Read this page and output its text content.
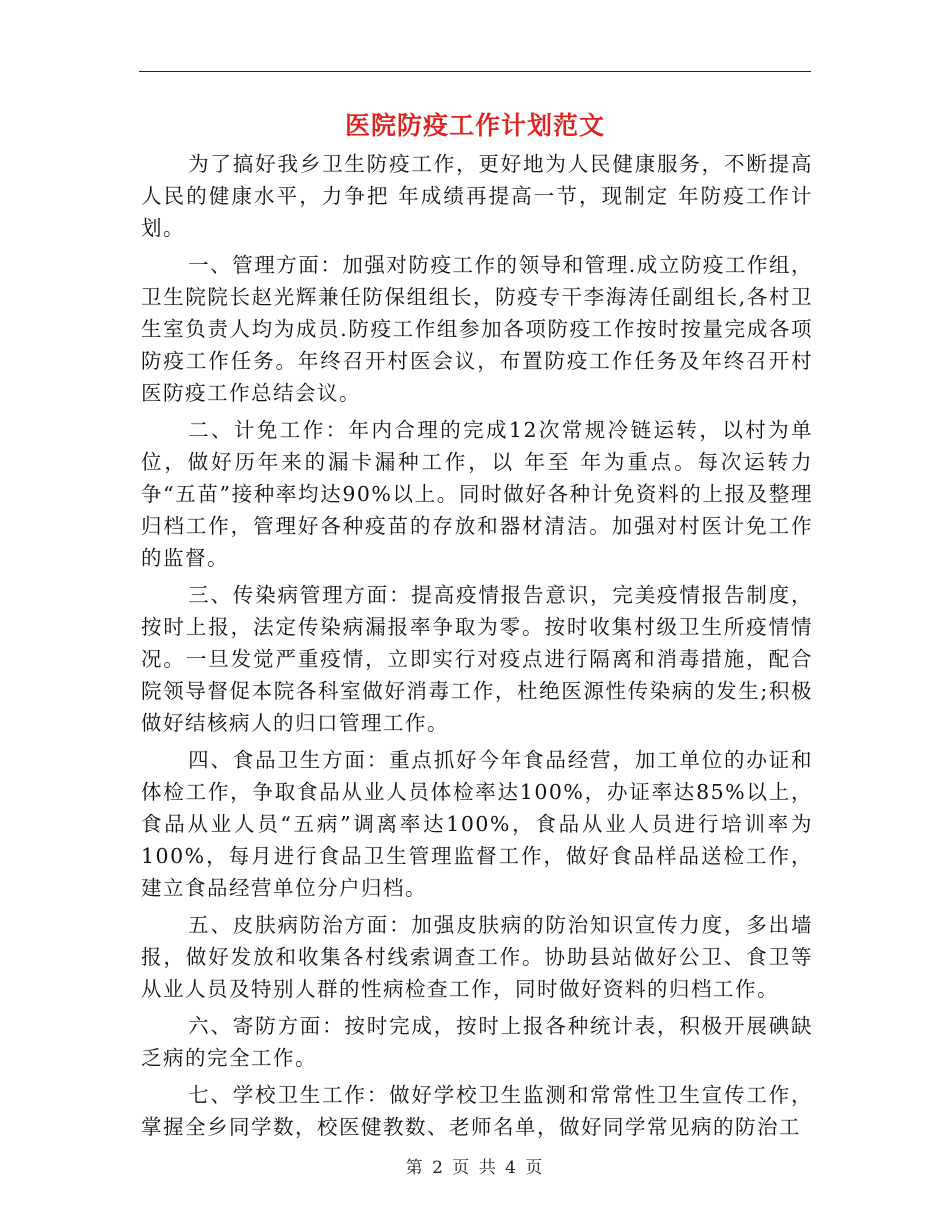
医院防疫工作计划范文

为了搞好我乡卫生防疫工作，更好地为人民健康服务，不断提高人民的健康水平，力争把 年成绩再提高一节，现制定 年防疫工作计划。

一、管理方面：加强对防疫工作的领导和管理.成立防疫工作组，卫生院院长赵光辉兼任防保组组长，防疫专干李海涛任副组长,各村卫生室负责人均为成员.防疫工作组参加各项防疫工作按时按量完成各项防疫工作任务。年终召开村医会议，布置防疫工作任务及年终召开村医防疫工作总结会议。

二、计免工作：年内合理的完成12次常规冷链运转，以村为单位，做好历年来的漏卡漏种工作，以 年至 年为重点。每次运转力争“五苗”接种率均达90%以上。同时做好各种计免资料的上报及整理归档工作，管理好各种疫苗的存放和器材清洁。加强对村医计免工作的监督。

三、传染病管理方面：提高疫情报告意识，完美疫情报告制度，按时上报，法定传染病漏报率争取为零。按时收集村级卫生所疫情情况。一旦发觉严重疫情，立即实行对疫点进行隔离和消毒措施，配合院领导督促本院各科室做好消毒工作，杜绝医源性传染病的发生;积极做好结核病人的归口管理工作。

四、食品卫生方面：重点抓好今年食品经营，加工单位的办证和体检工作，争取食品从业人员体检率达100%，办证率达85%以上，食品从业人员“五病”调离率达100%，食品从业人员进行培训率为100%，每月进行食品卫生管理监督工作，做好食品样品送检工作，建立食品经营单位分户归档。

五、皮肤病防治方面：加强皮肤病的防治知识宣传力度，多出墙报，做好发放和收集各村线索调查工作。协助县站做好公卫、食卫等从业人员及特别人群的性病检查工作，同时做好资料的归档工作。

六、寄防方面：按时完成，按时上报各种统计表，积极开展碘缺乏病的完全工作。

七、学校卫生工作：做好学校卫生监测和常常性卫生宣传工作，掌握全乡同学数，校医健教数、老师名单，做好同学常见病的防治工

第 2 页 共 4 页
